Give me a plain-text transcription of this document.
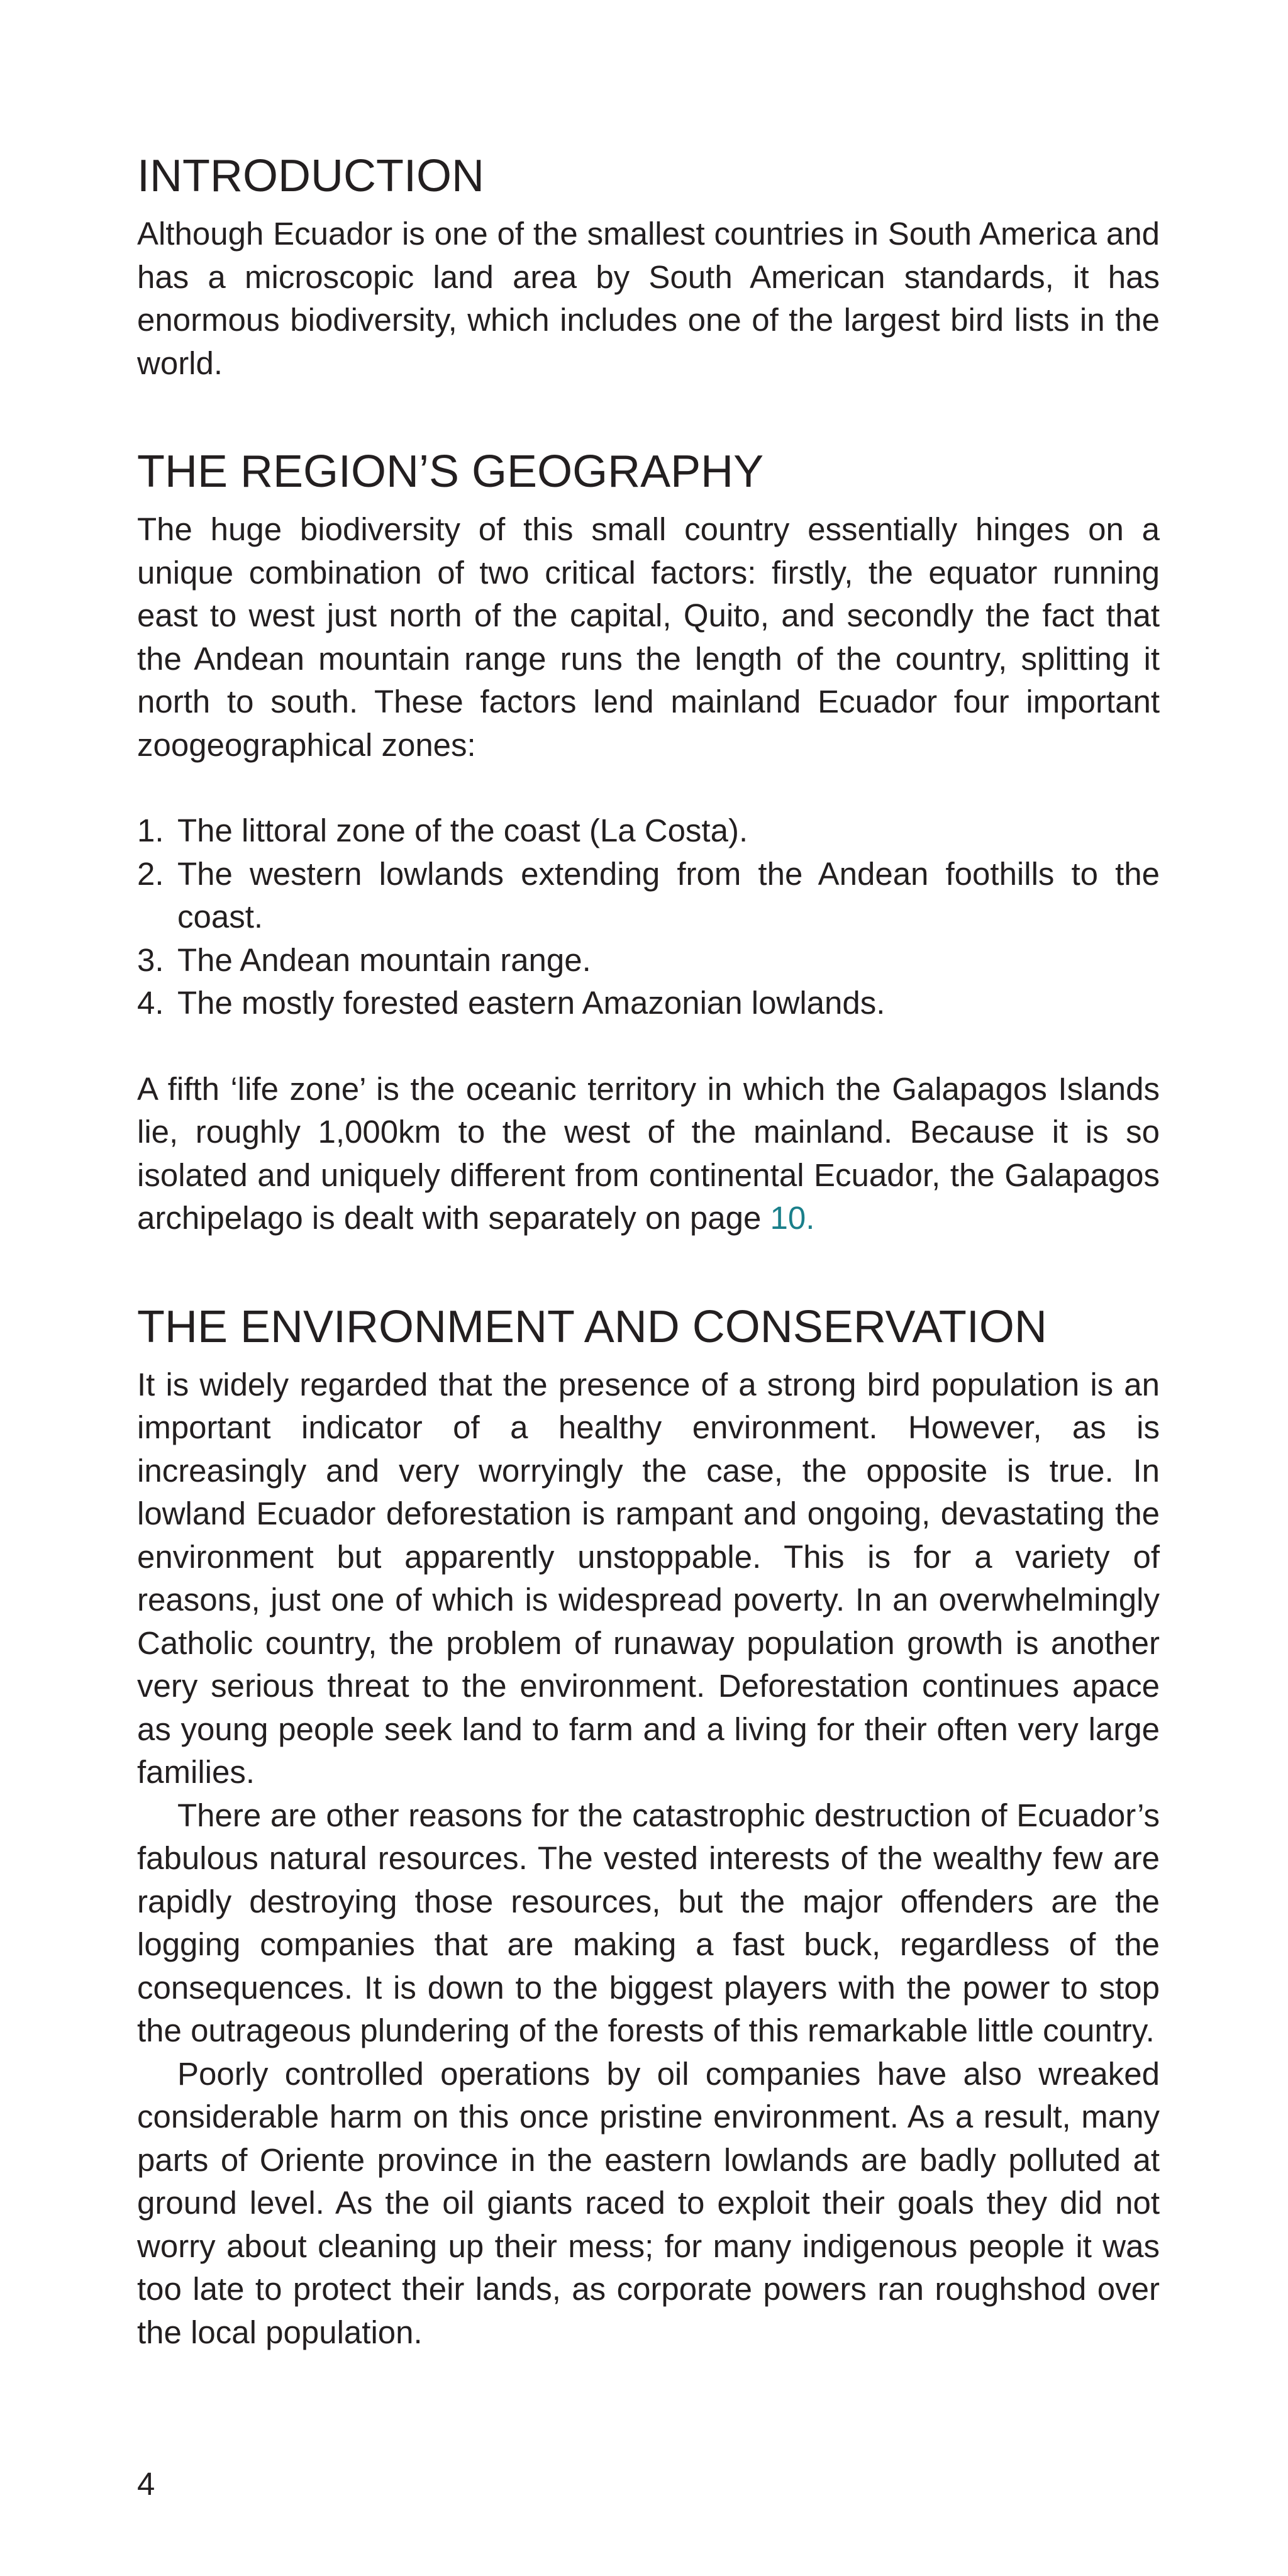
INTRODUCTION

Although Ecuador is one of the smallest countries in South America and has a microscopic land area by South American standards, it has enormous biodiversity, which includes one of the largest bird lists in the world.

THE REGION’S GEOGRAPHY

The huge biodiversity of this small country essentially hinges on a unique combination of two critical factors: firstly, the equator running east to west just north of the capital, Quito, and secondly the fact that the Andean mountain range runs the length of the country, splitting it north to south. These factors lend mainland Ecuador four important zoogeographical zones:

1. The littoral zone of the coast (La Costa).
2. The western lowlands extending from the Andean foothills to the coast.
3. The Andean mountain range.
4. The mostly forested eastern Amazonian lowlands.

A fifth ‘life zone’ is the oceanic territory in which the Galapagos Islands lie, roughly 1,000km to the west of the mainland. Because it is so isolated and uniquely different from continental Ecuador, the Galapagos archipelago is dealt with separately on page 10.

THE ENVIRONMENT AND CONSERVATION

It is widely regarded that the presence of a strong bird population is an important indicator of a healthy environment. However, as is increasingly and very worryingly the case, the opposite is true. In lowland Ecuador deforestation is rampant and ongoing, devastating the environment but apparently unstoppable. This is for a variety of reasons, just one of which is widespread poverty. In an overwhelmingly Catholic country, the problem of runaway population growth is another very serious threat to the environment. Deforestation continues apace as young people seek land to farm and a living for their often very large families.

There are other reasons for the catastrophic destruction of Ecuador’s fabulous natural resources. The vested interests of the wealthy few are rapidly destroying those resources, but the major offenders are the logging companies that are making a fast buck, regardless of the consequences. It is down to the biggest players with the power to stop the outrageous plundering of the forests of this remarkable little country.

Poorly controlled operations by oil companies have also wreaked considerable harm on this once pristine environment. As a result, many parts of Oriente province in the eastern lowlands are badly polluted at ground level. As the oil giants raced to exploit their goals they did not worry about cleaning up their mess; for many indigenous people it was too late to protect their lands, as corporate powers ran roughshod over the local population.

4
